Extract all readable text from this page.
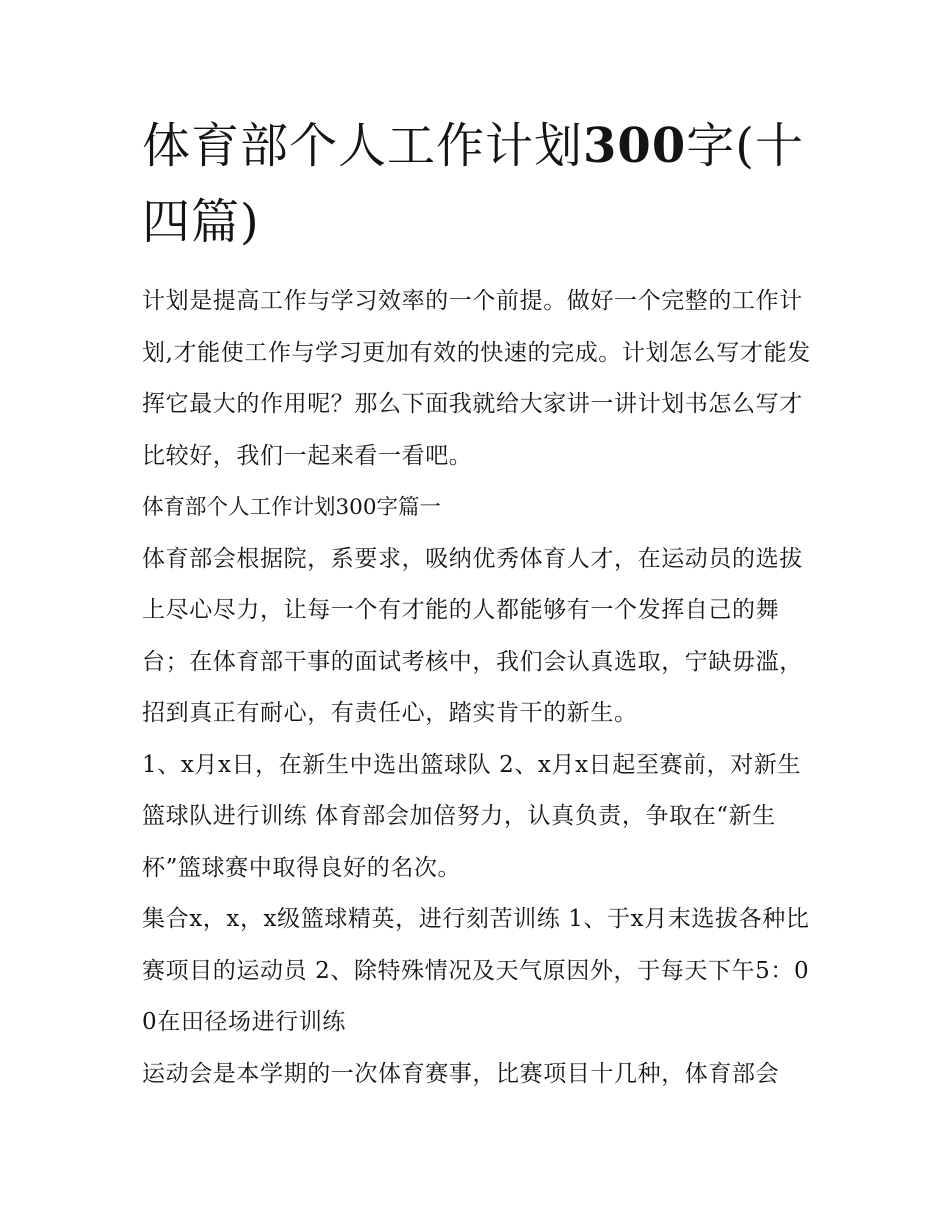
体育部个人工作计划300字(十四篇)

计划是提高工作与学习效率的一个前提。做好一个完整的工作计划,才能使工作与学习更加有效的快速的完成。计划怎么写才能发挥它最大的作用呢？那么下面我就给大家讲一讲计划书怎么写才比较好，我们一起来看一看吧。

体育部个人工作计划300字篇一

体育部会根据院，系要求，吸纳优秀体育人才，在运动员的选拔上尽心尽力，让每一个有才能的人都能够有一个发挥自己的舞台；在体育部干事的面试考核中，我们会认真选取，宁缺毋滥，招到真正有耐心，有责任心，踏实肯干的新生。

1、x月x日，在新生中选出篮球队 2、x月x日起至赛前，对新生篮球队进行训练 体育部会加倍努力，认真负责，争取在“新生杯”篮球赛中取得良好的名次。

集合x，x，x级篮球精英，进行刻苦训练 1、于x月末选拔各种比赛项目的运动员 2、除特殊情况及天气原因外，于每天下午5：00在田径场进行训练

运动会是本学期的一次体育赛事，比赛项目十几种，体育部会
